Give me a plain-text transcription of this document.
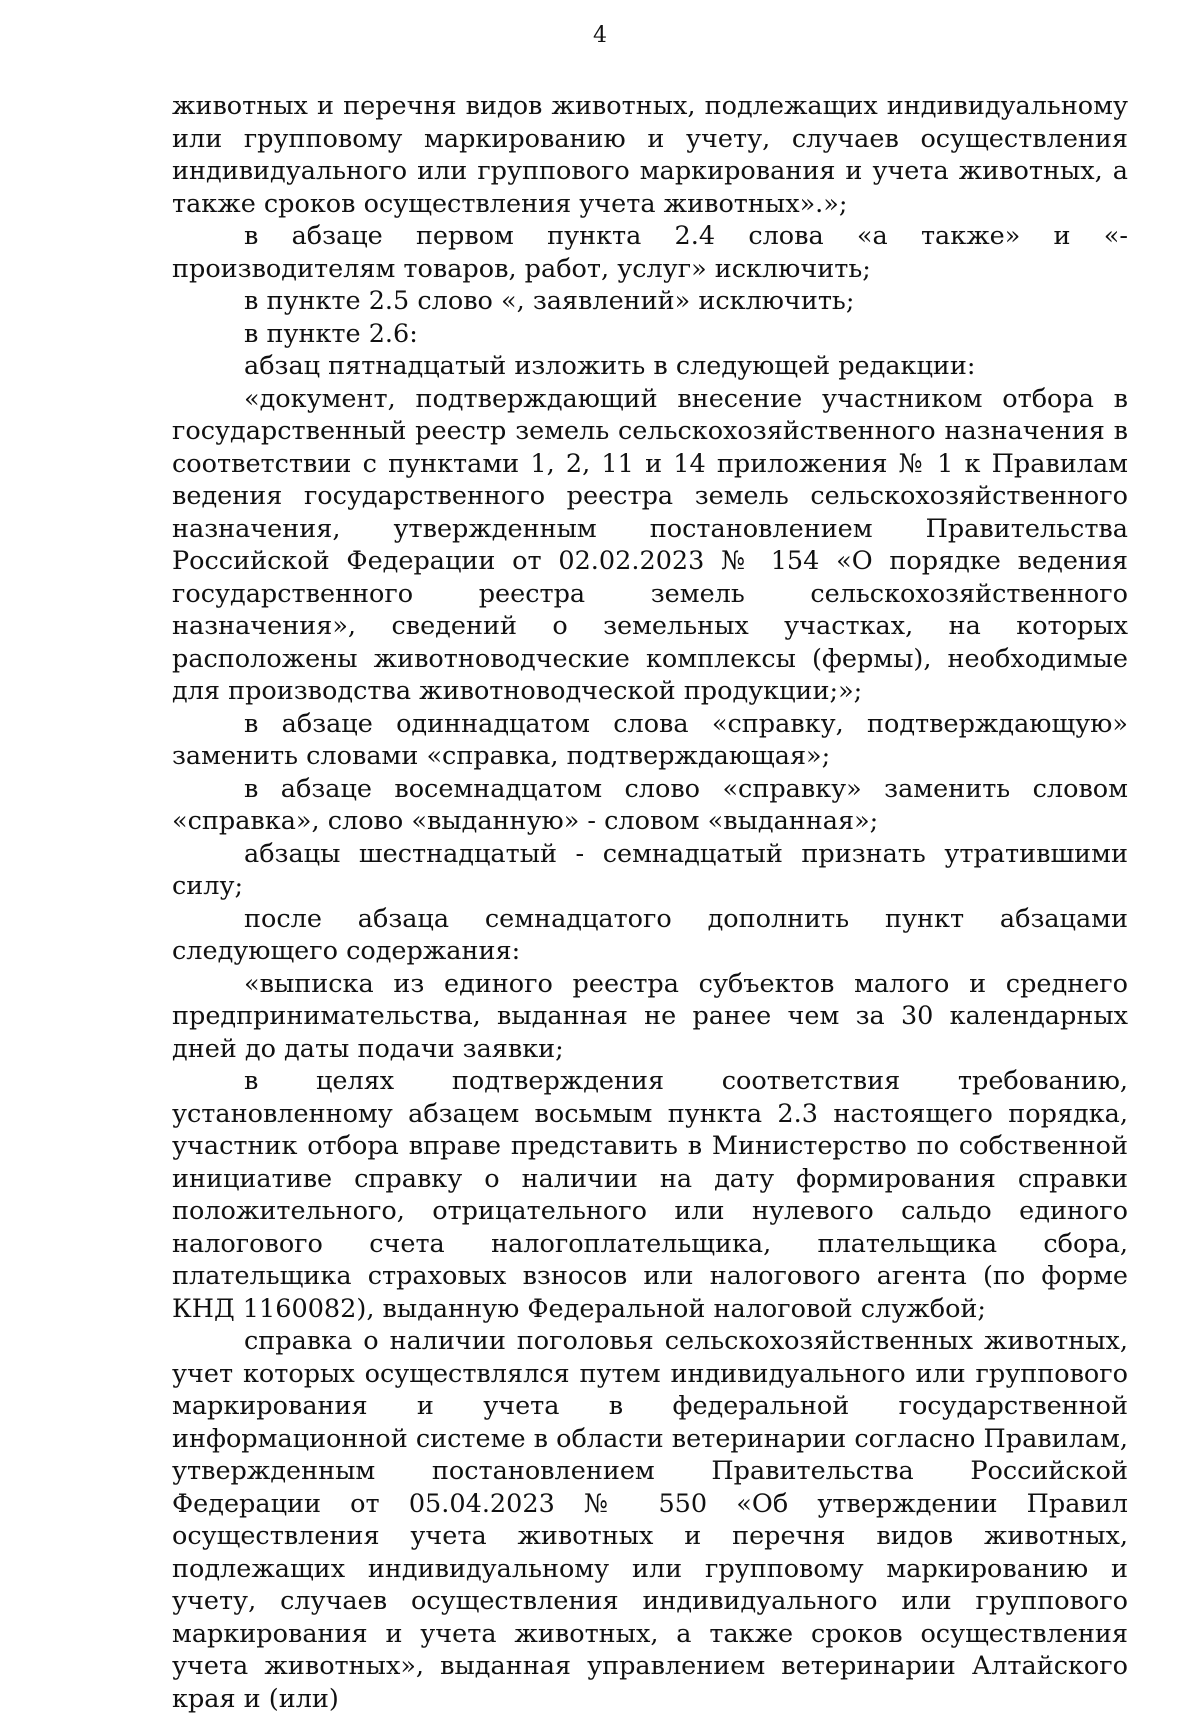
4

животных и перечня видов животных, подлежащих индивидуальному или групповому маркированию и учету, случаев осуществления индивидуального или группового маркирования и учета животных, а также сроков осуществления учета животных».»;

в абзаце первом пункта 2.4 слова «а также» и «- производителям товаров, работ, услуг» исключить;

в пункте 2.5 слово «, заявлений» исключить;

в пункте 2.6:

абзац пятнадцатый изложить в следующей редакции:

«документ, подтверждающий внесение участником отбора в государственный реестр земель сельскохозяйственного назначения в соответствии с пунктами 1, 2, 11 и 14 приложения № 1 к Правилам ведения государственного реестра земель сельскохозяйственного назначения, утвержденным постановлением Правительства Российской Федерации от 02.02.2023 № 154 «О порядке ведения государственного реестра земель сельскохозяйственного назначения», сведений о земельных участках, на которых расположены животноводческие комплексы (фермы), необходимые для производства животноводческой продукции;»;

в абзаце одиннадцатом слова «справку, подтверждающую» заменить словами «справка, подтверждающая»;

в абзаце восемнадцатом слово «справку» заменить словом «справка», слово «выданную» - словом «выданная»;

абзацы шестнадцатый - семнадцатый признать утратившими силу;

после абзаца семнадцатого дополнить пункт абзацами следующего содержания:

«выписка из единого реестра субъектов малого и среднего предпринимательства, выданная не ранее чем за 30 календарных дней до даты подачи заявки;

в целях подтверждения соответствия требованию, установленному абзацем восьмым пункта 2.3 настоящего порядка, участник отбора вправе представить в Министерство по собственной инициативе справку о наличии на дату формирования справки положительного, отрицательного или нулевого сальдо единого налогового счета налогоплательщика, плательщика сбора, плательщика страховых взносов или налогового агента (по форме КНД 1160082), выданную Федеральной налоговой службой;

справка о наличии поголовья сельскохозяйственных животных, учет которых осуществлялся путем индивидуального или группового маркирования и учета в федеральной государственной информационной системе в области ветеринарии согласно Правилам, утвержденным постановлением Правительства Российской Федерации от 05.04.2023 № 550 «Об утверждении Правил осуществления учета животных и перечня видов животных, подлежащих индивидуальному или групповому маркированию и учету, случаев осуществления индивидуального или группового маркирования и учета животных, а также сроков осуществления учета животных», выданная управлением ветеринарии Алтайского края и (или)
